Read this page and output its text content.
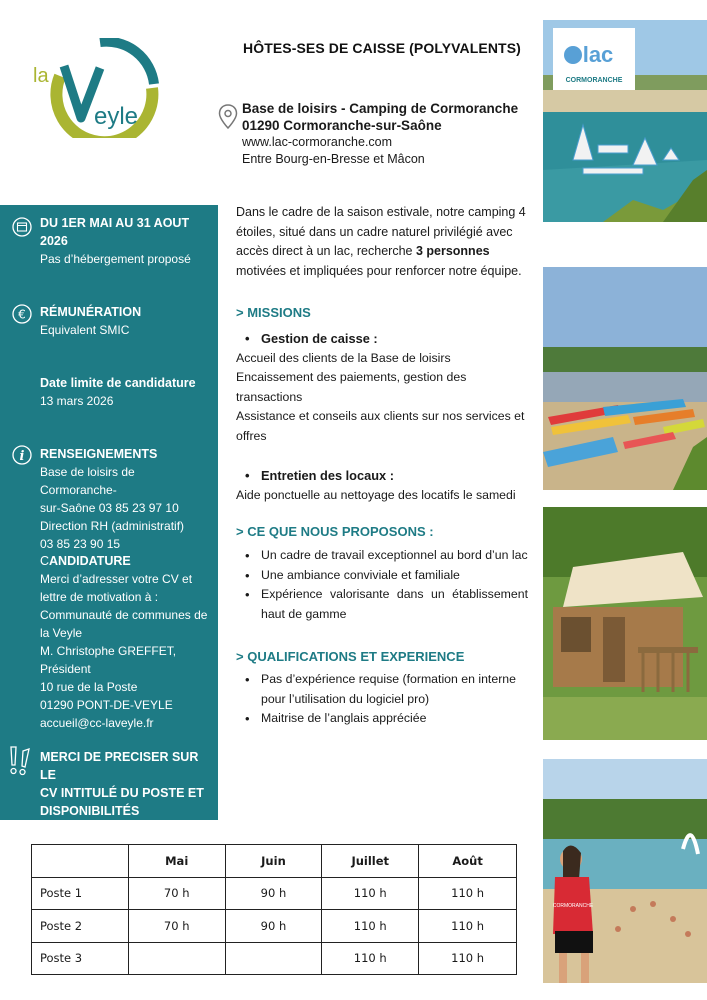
la
eyle
HÔTES-SES DE CAISSE (POLYVALENTS)
Base de loisirs - Camping de Cormoranche
01290 Cormoranche-sur-Saône
www.lac-cormoranche.com
Entre Bourg-en-Bresse et Mâcon
DU 1ER MAI AU 31 AOUT
2026
Pas d’hébergement proposé
€ RÉMUNÉRATION
Equivalent SMIC
Date limite de candidature
13 mars 2026
i RENSEIGNEMENTS
Base de loisirs de Cormoranche-
sur-Saône 03 85 23 97 10
Direction RH (administratif)
03 85 23 90 15
CANDIDATURE
Merci d’adresser votre CV et
lettre de motivation à :
Communauté de communes de
la Veyle
M. Christophe GREFFET,
Président
10 rue de la Poste
01290 PONT-DE-VEYLE
accueil@cc-laveyle.fr
MERCI DE PRECISER SUR LE
CV INTITULÉ DU POSTE ET
DISPONIBILITÉS
Dans le cadre de la saison estivale, notre camping 4 étoiles, situé dans un cadre naturel privilégié avec accès direct à un lac, recherche 3 personnes motivées et impliquées pour renforcer notre équipe.
> MISSIONS
• Gestion de caisse :
Accueil des clients de la Base de loisirs
Encaissement des paiements, gestion des transactions
Assistance et conseils aux clients sur nos services et offres
• Entretien des locaux :
Aide ponctuelle au nettoyage des locatifs le samedi
> CE QUE NOUS PROPOSONS :
• Un cadre de travail exceptionnel au bord d’un lac
• Une ambiance conviviale et familiale
• Expérience valorisante dans un établissement haut de gamme
> QUALIFICATIONS ET EXPERIENCE
• Pas d’expérience requise (formation en interne pour l’utilisation du logiciel pro)
• Maitrise de l’anglais appréciée
lac
CORMORANCHE
CORMORANCHE
	Mai	Juin	Juillet	Août
Poste 1	70 h	90 h	110 h	110 h
Poste 2	70 h	90 h	110 h	110 h
Poste 3			110 h	110 h
